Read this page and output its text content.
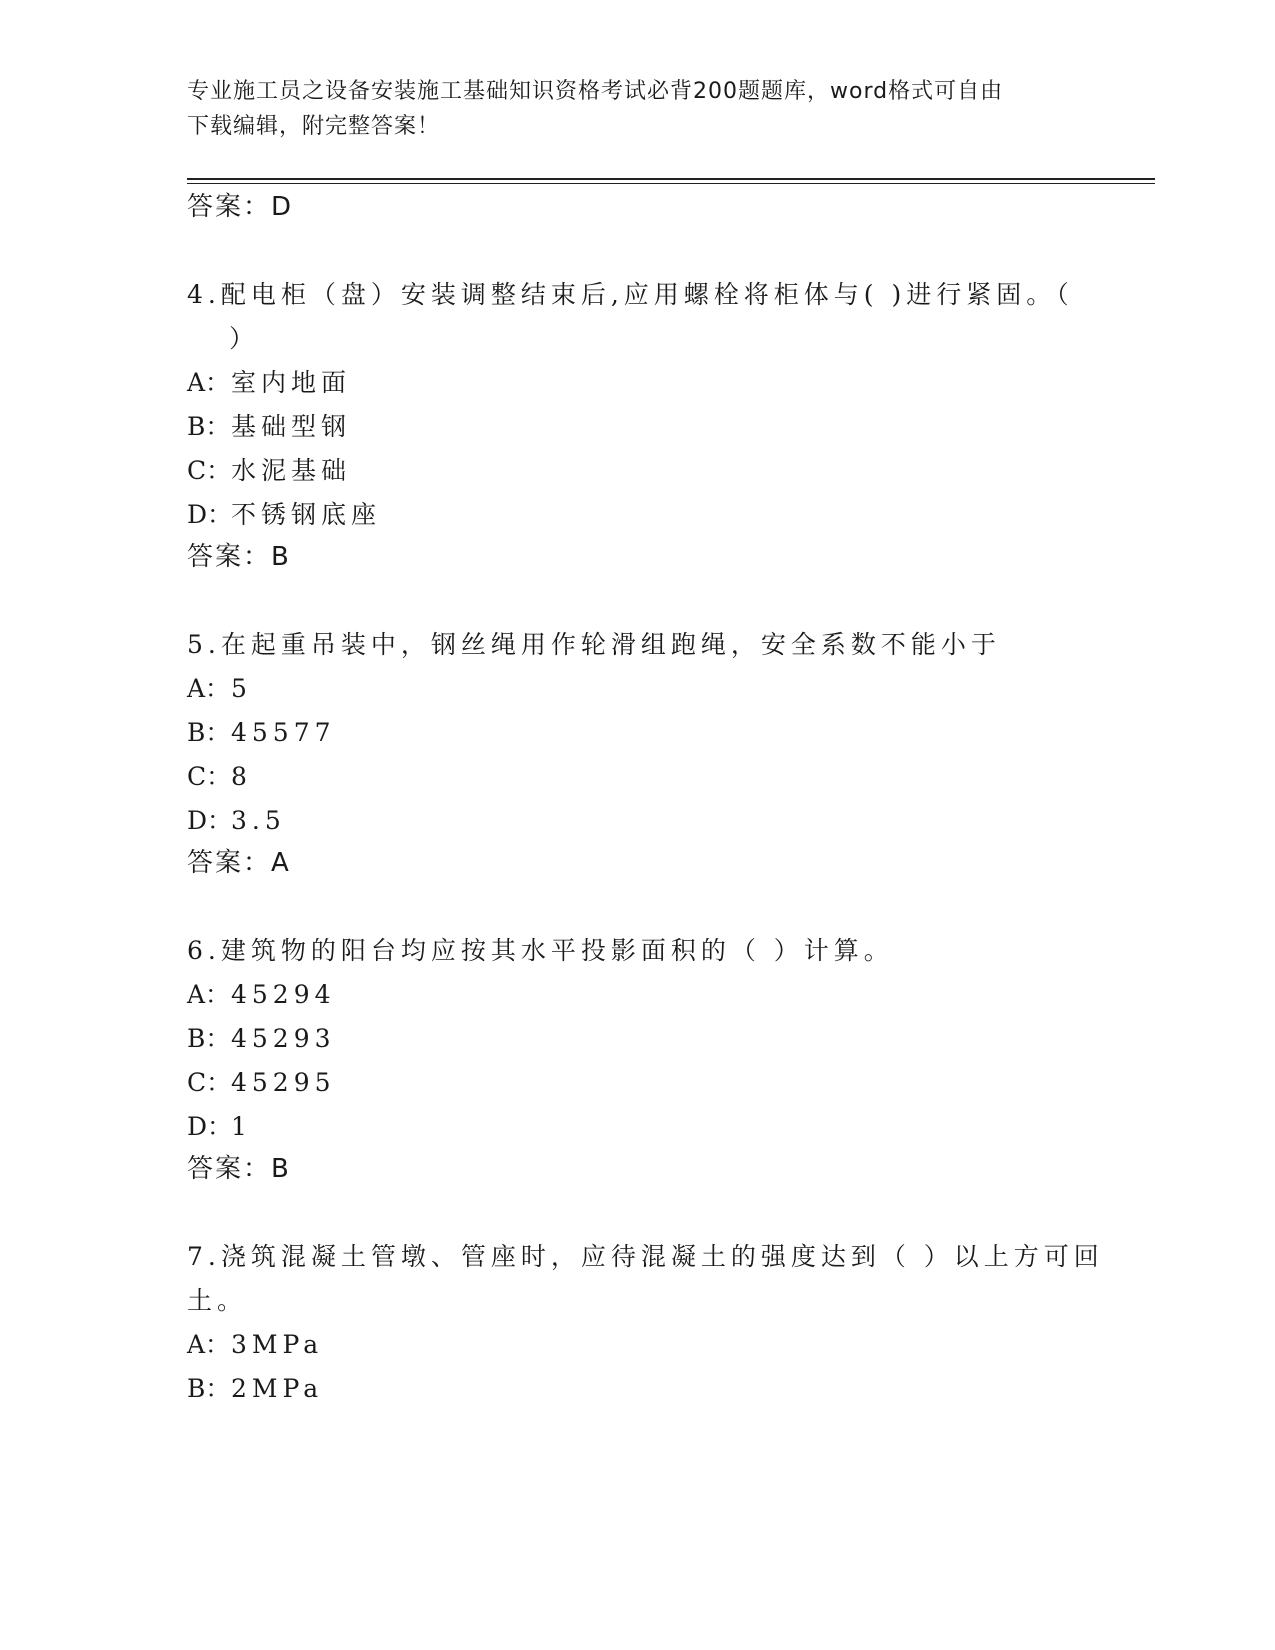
专业施工员之设备安装施工基础知识资格考试必背200题题库，word格式可自由
下载编辑，附完整答案！
答案：D
4.配电柜（盘）安装调整结束后,应用螺栓将柜体与( )进行紧固。（
）
A：室内地面
B：基础型钢
C：水泥基础
D：不锈钢底座
答案：B
5.在起重吊装中，钢丝绳用作轮滑组跑绳，安全系数不能小于
A：5
B：45577
C：8
D：3.5
答案：A
6.建筑物的阳台均应按其水平投影面积的（ ）计算。
A：45294
B：45293
C：45295
D：1
答案：B
7.浇筑混凝土管墩、管座时，应待混凝土的强度达到（ ）以上方可回
土。
A：3MPa
B：2MPa
